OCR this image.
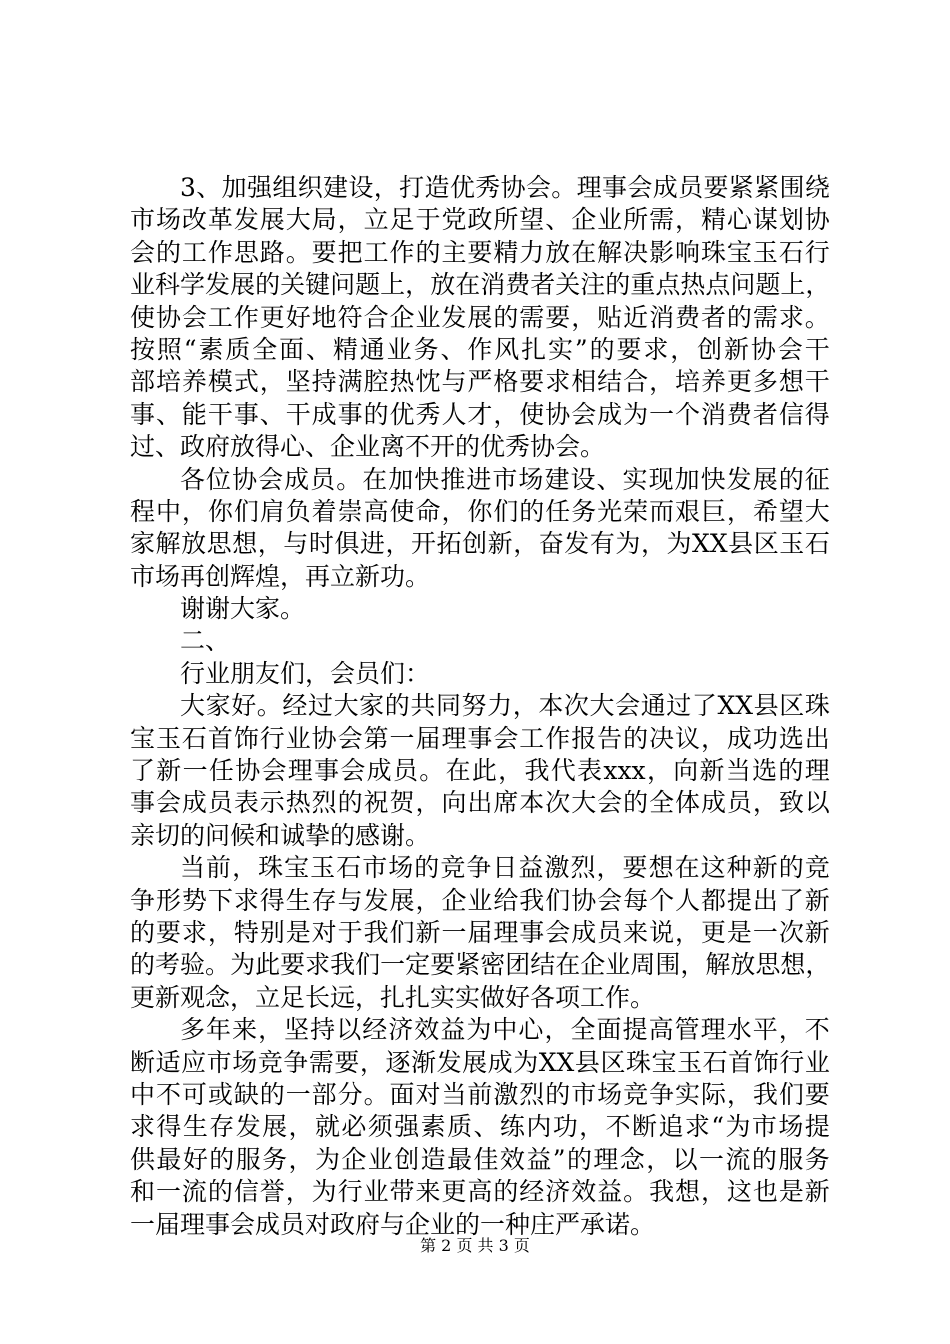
3 、 加 强 组 织 建 设 ， 打 造 优 秀 协 会 。 理 事 会 成 员 要 紧 紧 围 绕
市 场 改 革 发 展 大 局 ， 立 足 于 党 政 所 望 、 企 业 所 需 ， 精 心 谋 划 协
会 的 工 作 思 路 。 要 把 工 作 的 主 要 精 力 放 在 解 决 影 响 珠 宝 玉 石 行
业 科 学 发 展 的 关 键 问 题 上 ， 放 在 消 费 者 关 注 的 重 点 热 点 问 题 上 ，
使 协 会 工 作 更 好 地 符 合 企 业 发 展 的 需 要 ， 贴 近 消 费 者 的 需 求 。
按 照 “ 素 质 全 面 、 精 通 业 务 、 作 风 扎 实 ” 的 要 求 ， 创 新 协 会 干
部 培 养 模 式 ， 坚 持 满 腔 热 忱 与 严 格 要 求 相 结 合 ， 培 养 更 多 想 干
事 、 能 干 事 、 干 成 事 的 优 秀 人 才 ， 使 协 会 成 为 一 个 消 费 者 信 得
过、政府放得心、企业离不开的优秀协会。
各 位 协 会 成 员 。 在 加 快 推 进 市 场 建 设 、 实 现 加 快 发 展 的 征
程 中 ， 你 们 肩 负 着 崇 高 使 命 ， 你 们 的 任 务 光 荣 而 艰 巨 ， 希 望 大
家 解 放 思 想 ， 与 时 俱 进 ， 开 拓 创 新 ， 奋 发 有 为 ， 为 XX 县 区 玉 石
市场再创辉煌，再立新功。
谢谢大家。
二、
行业朋友们，会员们：
大 家 好 。 经 过 大 家 的 共 同 努 力 ， 本 次 大 会 通 过 了 XX 县 区 珠
宝 玉 石 首 饰 行 业 协 会 第 一 届 理 事 会 工 作 报 告 的 决 议 ， 成 功 选 出
了 新 一 任 协 会 理 事 会 成 员 。 在 此 ， 我 代 表 xxx ， 向 新 当 选 的 理
事 会 成 员 表 示 热 烈 的 祝 贺 ， 向 出 席 本 次 大 会 的 全 体 成 员 ， 致 以
亲切的问候和诚挚的感谢。
当 前 ， 珠 宝 玉 石 市 场 的 竞 争 日 益 激 烈 ， 要 想 在 这 种 新 的 竞
争 形 势 下 求 得 生 存 与 发 展 ， 企 业 给 我 们 协 会 每 个 人 都 提 出 了 新
的 要 求 ， 特 别 是 对 于 我 们 新 一 届 理 事 会 成 员 来 说 ， 更 是 一 次 新
的 考 验 。 为 此 要 求 我 们 一 定 要 紧 密 团 结 在 企 业 周 围 ， 解 放 思 想 ，
更新观念，立足长远，扎扎实实做好各项工作。
多 年 来 ， 坚 持 以 经 济 效 益 为 中 心 ， 全 面 提 高 管 理 水 平 ， 不
断 适 应 市 场 竞 争 需 要 ， 逐 渐 发 展 成 为 XX 县 区 珠 宝 玉 石 首 饰 行 业
中 不 可 或 缺 的 一 部 分 。 面 对 当 前 激 烈 的 市 场 竞 争 实 际 ， 我 们 要
求 得 生 存 发 展 ， 就 必 须 强 素 质 、 练 内 功 ， 不 断 追 求 “ 为 市 场 提
供 最 好 的 服 务 ， 为 企 业 创 造 最 佳 效 益 ” 的 理 念 ， 以 一 流 的 服 务
和 一 流 的 信 誉 ， 为 行 业 带 来 更 高 的 经 济 效 益 。 我 想 ， 这 也 是 新
一届理事会成员对政府与企业的一种庄严承诺。
第 2 页 共 3 页
